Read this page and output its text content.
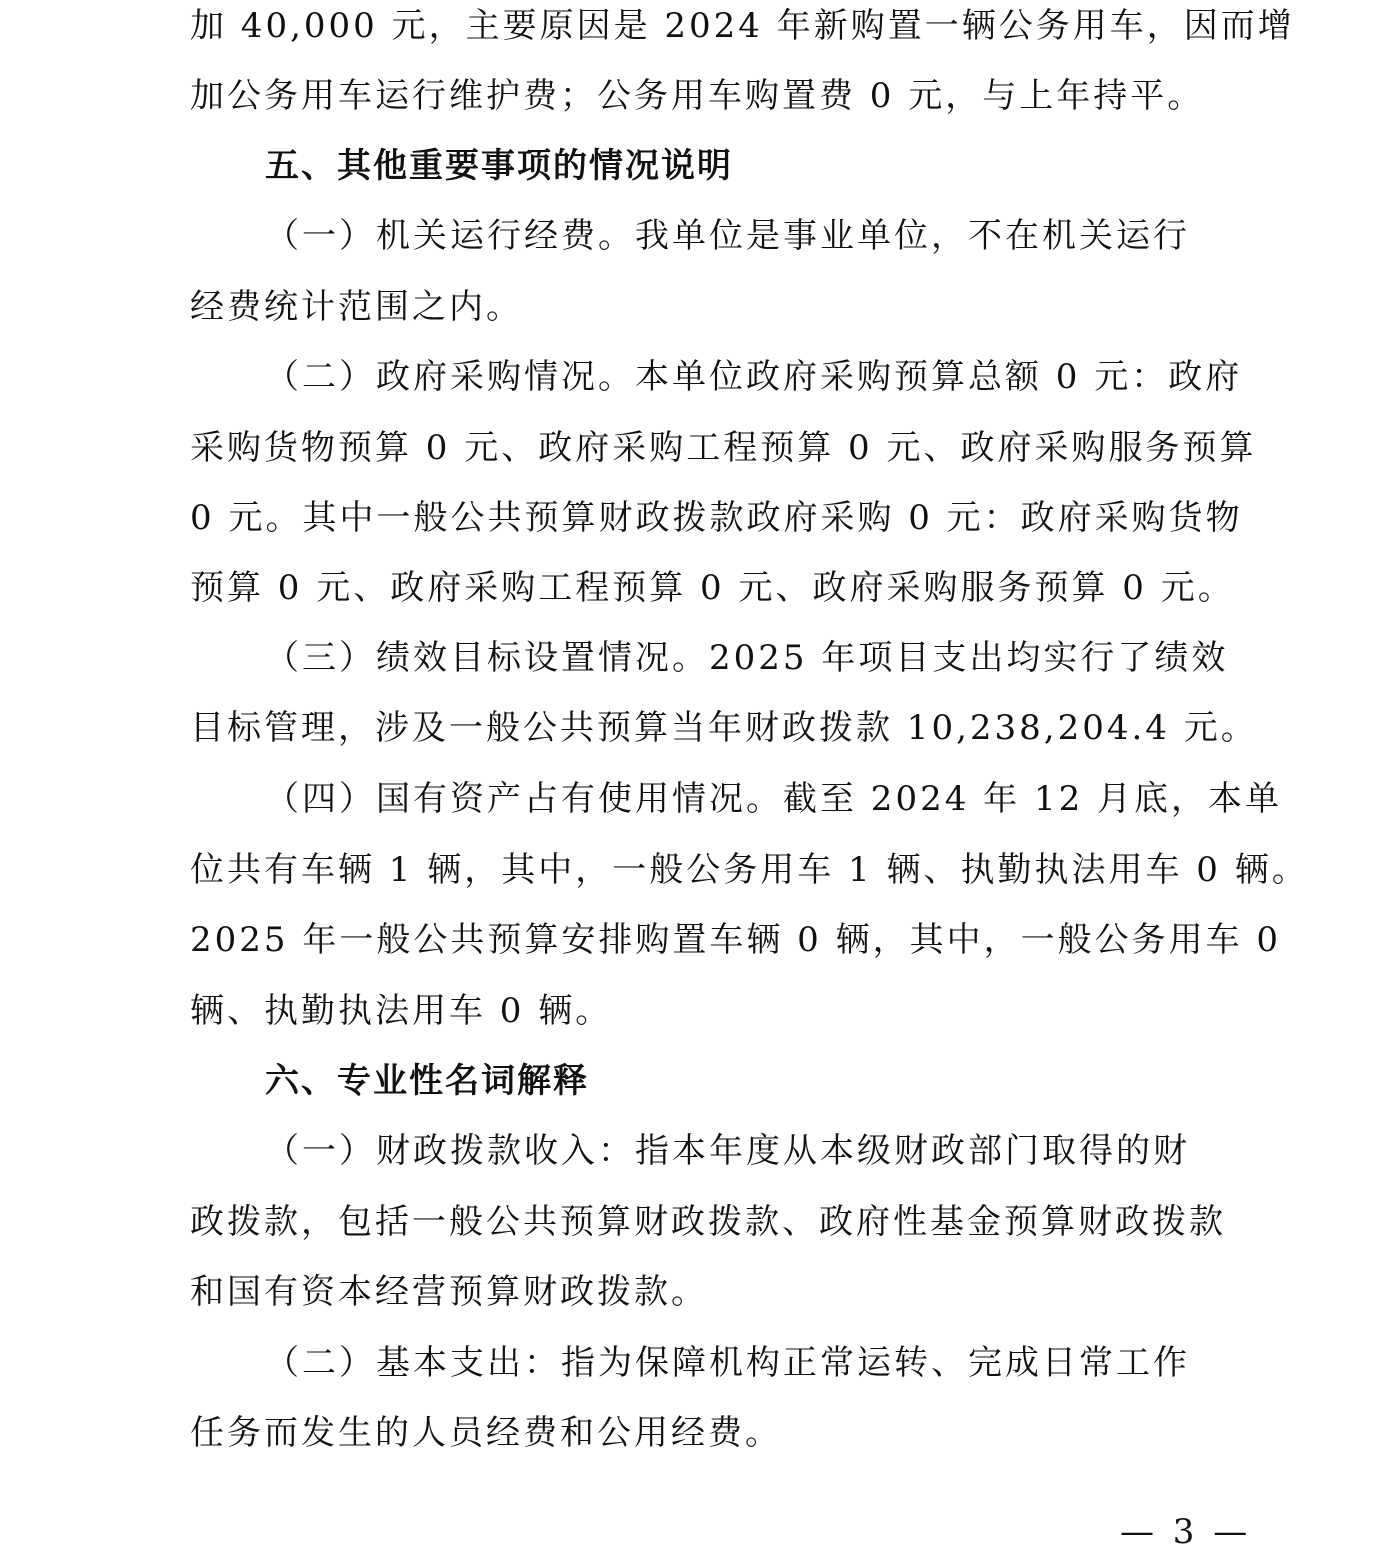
加 40,000 元，主要原因是 2024 年新购置一辆公务用车，因而增
加公务用车运行维护费；公务用车购置费 0 元，与上年持平。
五、其他重要事项的情况说明
（一）机关运行经费。我单位是事业单位，不在机关运行
经费统计范围之内。
（二）政府采购情况。本单位政府采购预算总额 0 元：政府
采购货物预算 0 元、政府采购工程预算 0 元、政府采购服务预算
0 元。其中一般公共预算财政拨款政府采购 0 元：政府采购货物
预算 0 元、政府采购工程预算 0 元、政府采购服务预算 0 元。
（三）绩效目标设置情况。2025 年项目支出均实行了绩效
目标管理，涉及一般公共预算当年财政拨款 10,238,204.4 元。
（四）国有资产占有使用情况。截至 2024 年 12 月底，本单
位共有车辆 1 辆，其中，一般公务用车 1 辆、执勤执法用车 0 辆。
2025 年一般公共预算安排购置车辆 0 辆，其中，一般公务用车 0
辆、执勤执法用车 0 辆。
六、专业性名词解释
（一）财政拨款收入：指本年度从本级财政部门取得的财
政拨款，包括一般公共预算财政拨款、政府性基金预算财政拨款
和国有资本经营预算财政拨款。
（二）基本支出：指为保障机构正常运转、完成日常工作
任务而发生的人员经费和公用经费。
— 3 —
